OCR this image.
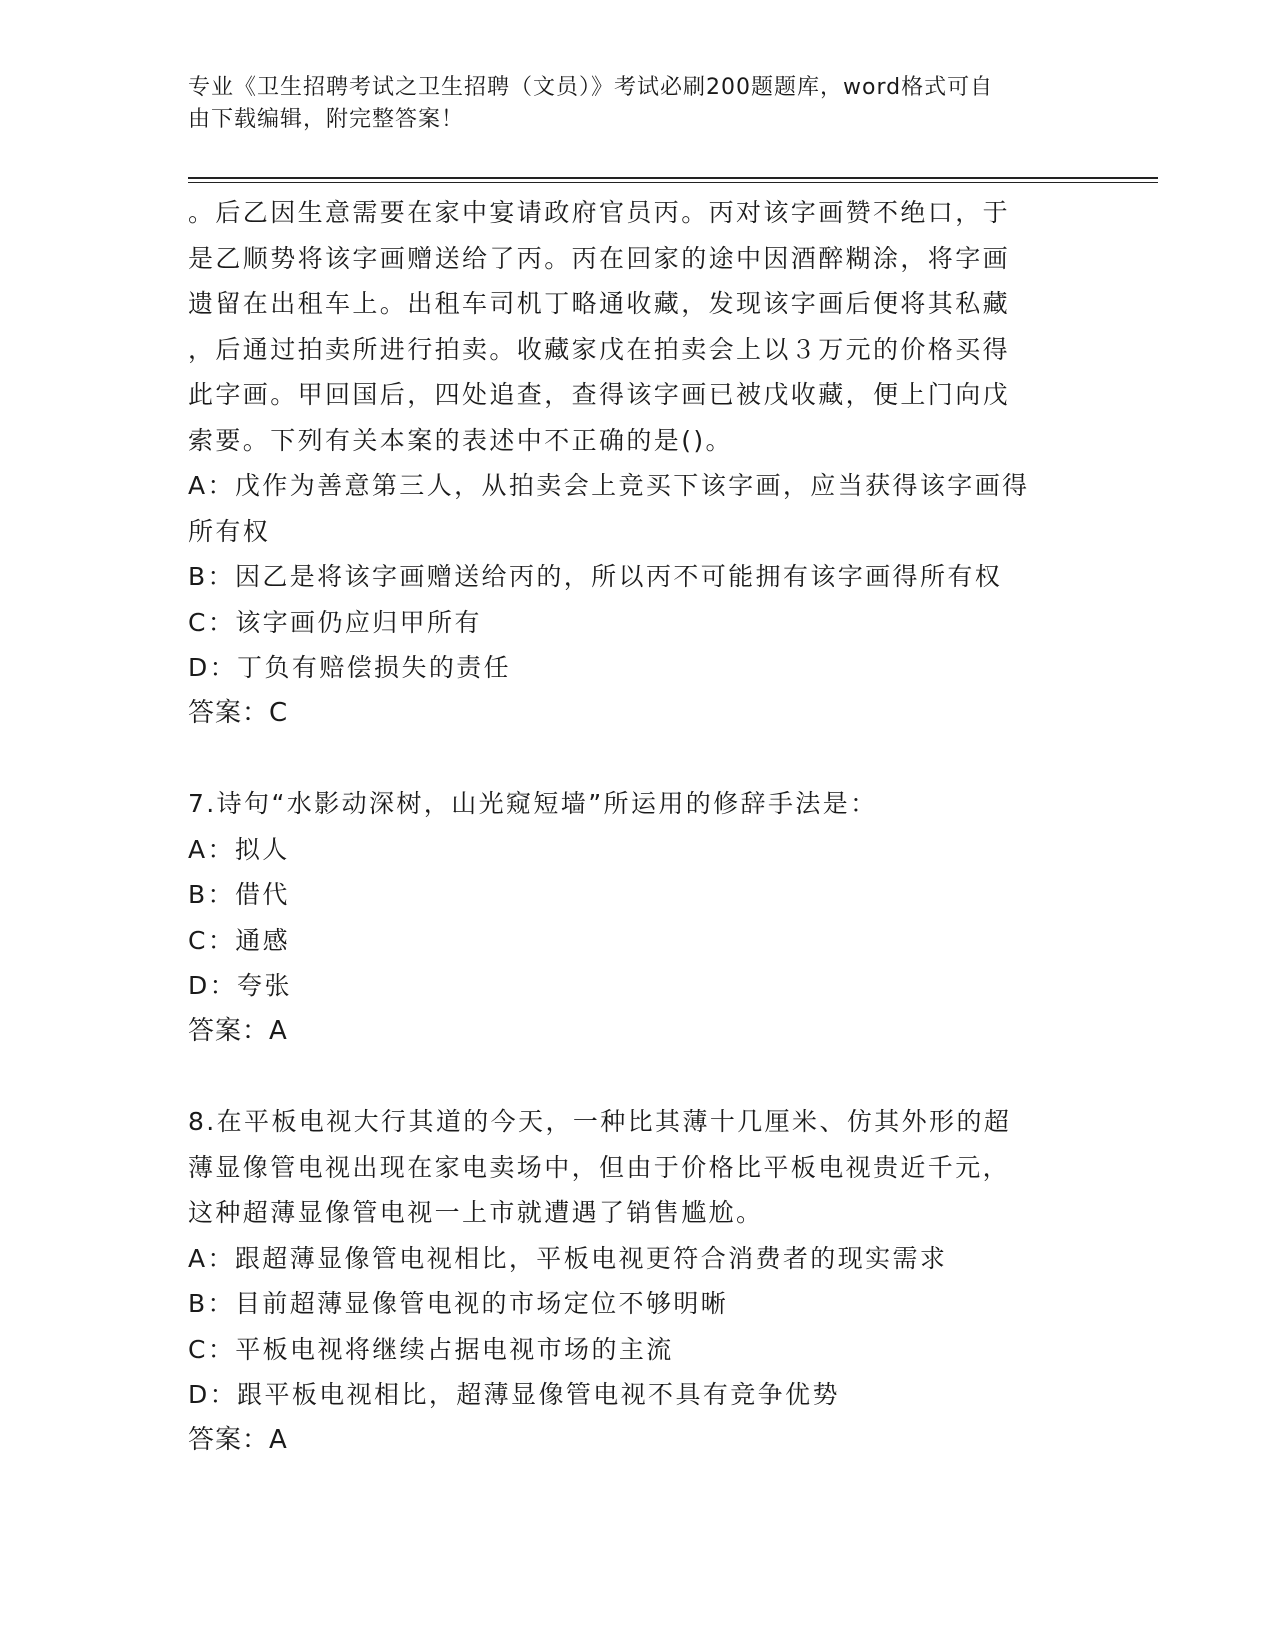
专业《卫生招聘考试之卫生招聘（文员）》考试必刷200题题库，word格式可自
由下载编辑，附完整答案！
。后乙因生意需要在家中宴请政府官员丙。丙对该字画赞不绝口，于
是乙顺势将该字画赠送给了丙。丙在回家的途中因酒醉糊涂，将字画
遗留在出租车上。出租车司机丁略通收藏，发现该字画后便将其私藏
，后通过拍卖所进行拍卖。收藏家戊在拍卖会上以３万元的价格买得
此字画。甲回国后，四处追查，查得该字画已被戊收藏，便上门向戊
索要。下列有关本案的表述中不正确的是()。
A：戊作为善意第三人，从拍卖会上竞买下该字画，应当获得该字画得
所有权
B：因乙是将该字画赠送给丙的，所以丙不可能拥有该字画得所有权
C：该字画仍应归甲所有
D：丁负有赔偿损失的责任
答案：C
7.诗句“水影动深树，山光窥短墙”所运用的修辞手法是：
A：拟人
B：借代
C：通感
D：夸张
答案：A
8.在平板电视大行其道的今天，一种比其薄十几厘米、仿其外形的超
薄显像管电视出现在家电卖场中，但由于价格比平板电视贵近千元，
这种超薄显像管电视一上市就遭遇了销售尴尬。
A：跟超薄显像管电视相比，平板电视更符合消费者的现实需求
B：目前超薄显像管电视的市场定位不够明晰
C：平板电视将继续占据电视市场的主流
D：跟平板电视相比，超薄显像管电视不具有竞争优势
答案：A
